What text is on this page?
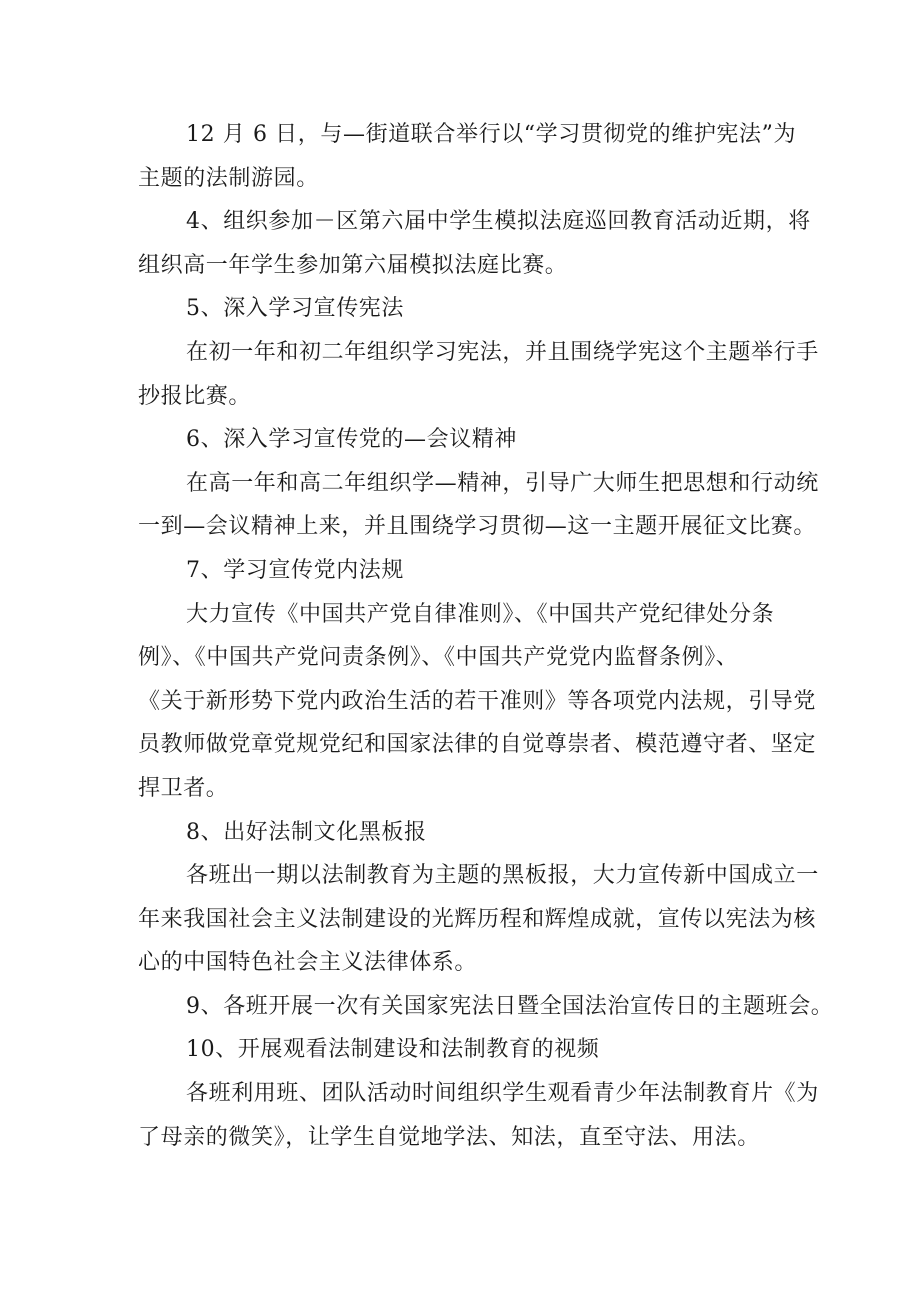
12 月 6 日，与—街道联合举行以“学习贯彻党的维护宪法”为
主题的法制游园。
4、组织参加－区第六届中学生模拟法庭巡回教育活动近期，将
组织高一年学生参加第六届模拟法庭比赛。
5、深入学习宣传宪法
在初一年和初二年组织学习宪法，并且围绕学宪这个主题举行手
抄报比赛。
6、深入学习宣传党的—会议精神
在高一年和高二年组织学—精神，引导广大师生把思想和行动统
一到—会议精神上来，并且围绕学习贯彻—这一主题开展征文比赛。
7、学习宣传党内法规
大力宣传《中国共产党自律准则》、《中国共产党纪律处分条
例》、《中国共产党问责条例》、《中国共产党党内监督条例》、
《关于新形势下党内政治生活的若干准则》等各项党内法规，引导党
员教师做党章党规党纪和国家法律的自觉尊崇者、模范遵守者、坚定
捍卫者。
8、出好法制文化黑板报
各班出一期以法制教育为主题的黑板报，大力宣传新中国成立一
年来我国社会主义法制建设的光辉历程和辉煌成就，宣传以宪法为核
心的中国特色社会主义法律体系。
9、各班开展一次有关国家宪法日暨全国法治宣传日的主题班会。
10、开展观看法制建设和法制教育的视频
各班利用班、团队活动时间组织学生观看青少年法制教育片《为
了母亲的微笑》，让学生自觉地学法、知法，直至守法、用法。
